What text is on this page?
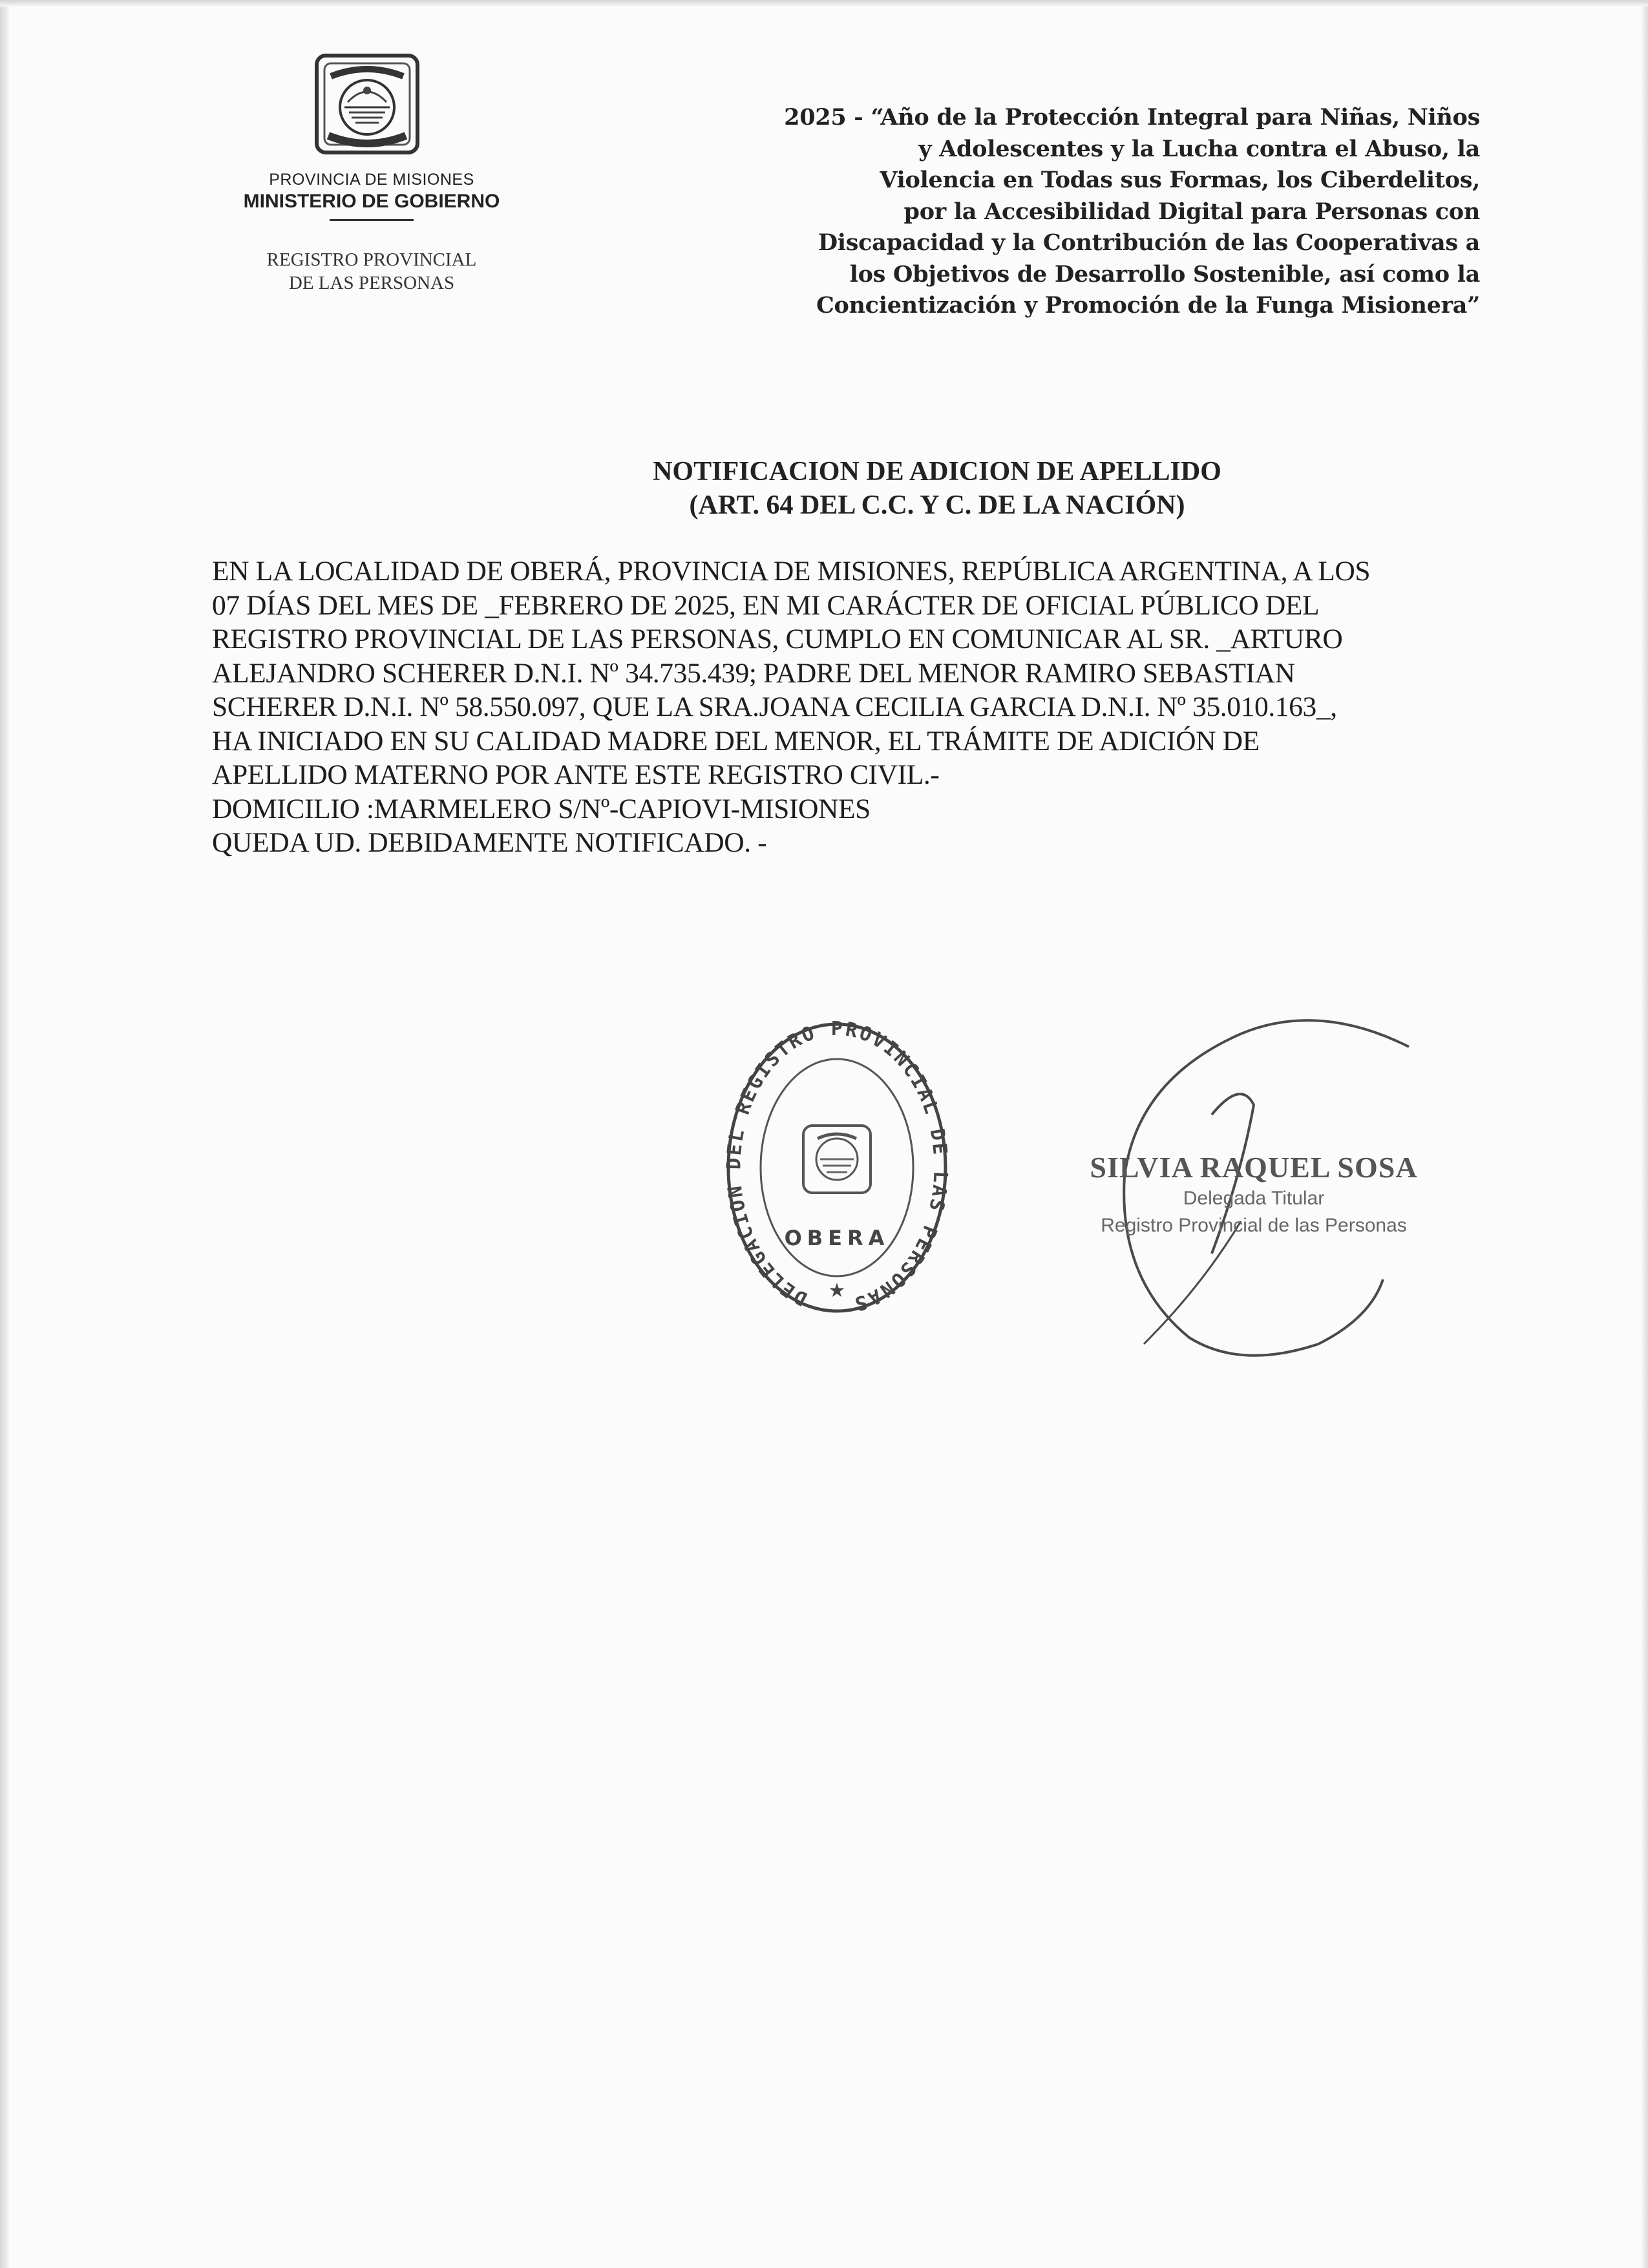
PROVINCIA DE MISIONES
MINISTERIO DE GOBIERNO
REGISTRO PROVINCIAL
DE LAS PERSONAS
2025 - “Año de la Protección Integral para Niñas, Niños
y Adolescentes y la Lucha contra el Abuso, la
Violencia en Todas sus Formas, los Ciberdelitos,
por la Accesibilidad Digital para Personas con
Discapacidad y la Contribución de las Cooperativas a
los Objetivos de Desarrollo Sostenible, así como la
Concientización y Promoción de la Funga Misionera”
NOTIFICACION DE ADICION DE APELLIDO
(ART. 64 DEL C.C. Y C. DE LA NACIÓN)
EN LA LOCALIDAD DE OBERÁ, PROVINCIA DE MISIONES, REPÚBLICA ARGENTINA, A LOS
07 DÍAS DEL MES DE _FEBRERO DE 2025, EN MI CARÁCTER DE OFICIAL PÚBLICO DEL
REGISTRO PROVINCIAL DE LAS PERSONAS, CUMPLO EN COMUNICAR AL SR. _ARTURO
ALEJANDRO SCHERER D.N.I. Nº 34.735.439; PADRE DEL MENOR RAMIRO SEBASTIAN
SCHERER D.N.I. Nº 58.550.097, QUE LA SRA.JOANA CECILIA GARCIA D.N.I. Nº 35.010.163_,
HA INICIADO EN SU CALIDAD MADRE DEL MENOR, EL TRÁMITE DE ADICIÓN DE
APELLIDO MATERNO POR ANTE ESTE REGISTRO CIVIL.-
DOMICILIO :MARMELERO S/Nº-CAPIOVI-MISIONES
QUEDA UD. DEBIDAMENTE NOTIFICADO. -
DELEGACION DEL REGISTRO PROVINCIAL DE LAS PERSONAS
OBERA
★
SILVIA RAQUEL SOSA
Delegada Titular
Registro Provincial de las Personas
